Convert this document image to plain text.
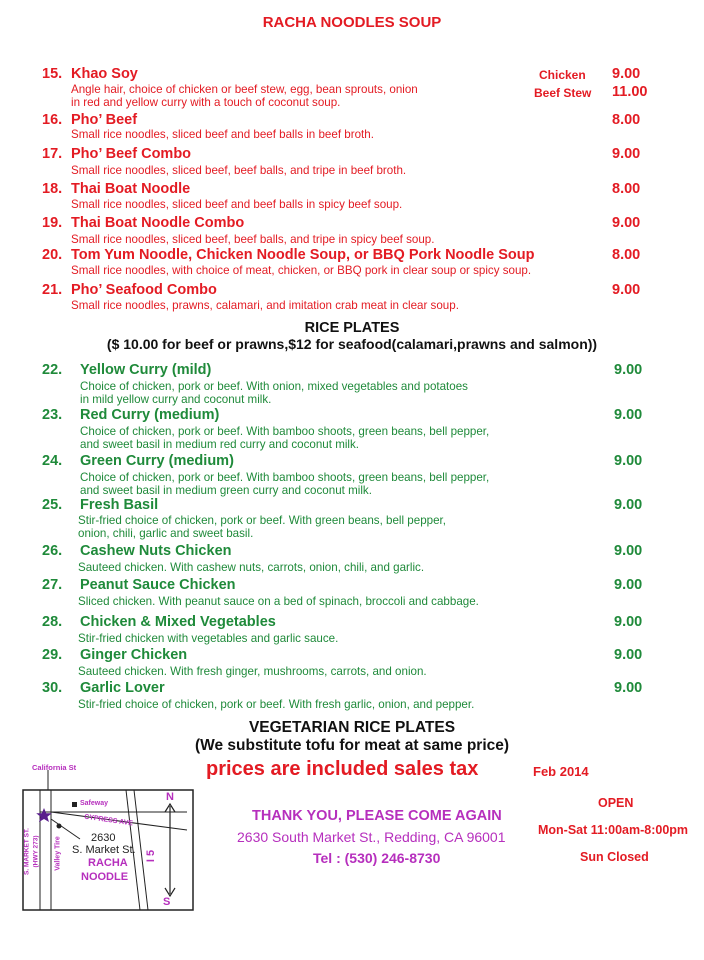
RACHA NOODLES SOUP
15. Khao Soy
Angle hair, choice of chicken or beef stew, egg, bean sprouts, onion
in red and yellow curry with a touch of coconut soup.
Chicken 9.00
Beef Stew 11.00
16. Pho’ Beef
Small rice noodles, sliced beef and beef balls in beef broth.
8.00
17. Pho’ Beef Combo
Small rice noodles, sliced beef, beef balls, and tripe in beef broth.
9.00
18. Thai Boat Noodle
Small rice noodles, sliced beef and beef balls in spicy beef soup.
8.00
19. Thai Boat Noodle Combo
Small rice noodles, sliced beef, beef balls, and tripe in spicy beef soup.
9.00
20. Tom Yum Noodle, Chicken Noodle Soup, or BBQ Pork Noodle Soup
Small rice noodles, with choice of meat, chicken, or BBQ pork in clear soup or spicy soup.
8.00
21. Pho’ Seafood Combo
Small rice noodles, prawns, calamari, and imitation crab meat in clear soup.
9.00
RICE PLATES
($ 10.00 for beef or prawns,$12 for seafood(calamari,prawns and salmon))
22. Yellow Curry (mild)
Choice of chicken, pork or beef. With onion, mixed vegetables and potatoes
in mild yellow curry and coconut milk.
9.00
23. Red Curry (medium)
Choice of chicken, pork or beef. With bamboo shoots, green beans, bell pepper,
and sweet basil in medium red curry and coconut milk.
9.00
24. Green Curry (medium)
Choice of chicken, pork or beef. With bamboo shoots, green beans, bell pepper,
and sweet basil in medium green curry and coconut milk.
9.00
25. Fresh Basil
Stir-fried choice of chicken, pork or beef. With green beans, bell pepper,
onion, chili, garlic and sweet basil.
9.00
26. Cashew Nuts Chicken
Sauteed chicken. With cashew nuts, carrots, onion, chili, and garlic.
9.00
27. Peanut Sauce Chicken
Sliced chicken. With peanut sauce on a bed of spinach, broccoli and cabbage.
9.00
28. Chicken & Mixed Vegetables
Stir-fried chicken with vegetables and garlic sauce.
9.00
29. Ginger Chicken
Sauteed chicken. With fresh ginger, mushrooms, carrots, and onion.
9.00
30. Garlic Lover
Stir-fried choice of chicken, pork or beef. With fresh garlic, onion, and pepper.
9.00
VEGETARIAN RICE PLATES
(We substitute tofu for meat at same price)
prices are included sales tax	Feb 2014
California St
Safeway
CYPRESS AVE
S. MARKET ST. (HWY 273) Valley Tire	2630
S. Market St.
RACHA
NOODLE
N
S
I 5
THANK YOU, PLEASE COME AGAIN
2630 South Market St., Redding, CA 96001
Tel : (530) 246-8730
OPEN
Mon-Sat 11:00am-8:00pm
Sun Closed
